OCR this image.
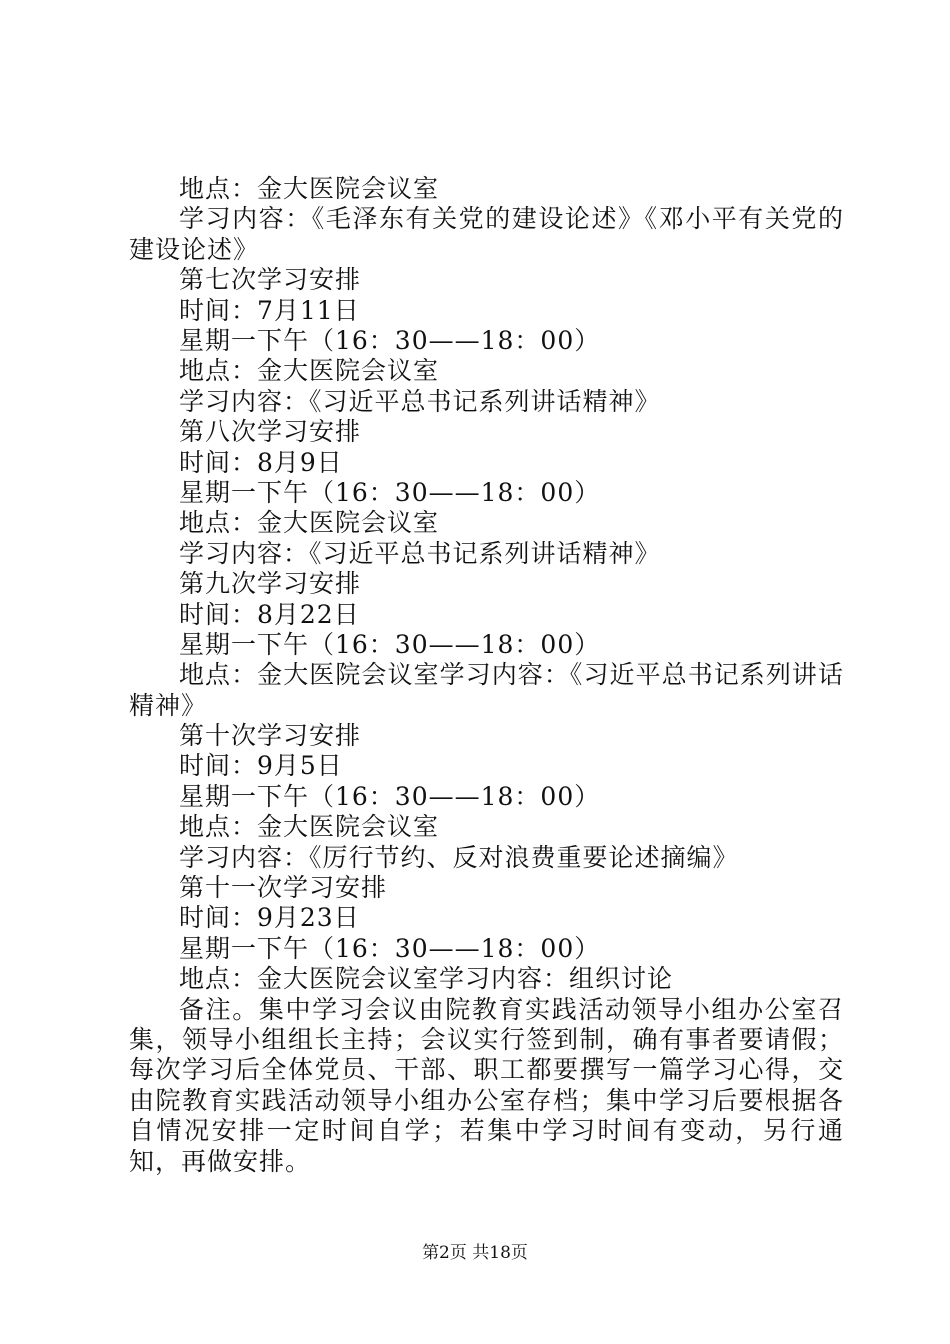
地点：金大医院会议室
学习内容：《毛泽东有关党的建设论述》《邓小平有关党的建设论述》
第七次学习安排
时间：7月11日
星期一下午（16：30——18：00）
地点：金大医院会议室
学习内容：《习近平总书记系列讲话精神》
第八次学习安排
时间：8月9日
星期一下午（16：30——18：00）
地点：金大医院会议室
学习内容：《习近平总书记系列讲话精神》
第九次学习安排
时间：8月22日
星期一下午（16：30——18：00）
地点：金大医院会议室学习内容：《习近平总书记系列讲话精神》
第十次学习安排
时间：9月5日
星期一下午（16：30——18：00）
地点：金大医院会议室
学习内容：《厉行节约、反对浪费重要论述摘编》
第十一次学习安排
时间：9月23日
星期一下午（16：30——18：00）
地点：金大医院会议室学习内容：组织讨论
备注。集中学习会议由院教育实践活动领导小组办公室召集，领导小组组长主持；会议实行签到制，确有事者要请假；每次学习后全体党员、干部、职工都要撰写一篇学习心得，交由院教育实践活动领导小组办公室存档；集中学习后要根据各自情况安排一定时间自学；若集中学习时间有变动，另行通知，再做安排。
第2页 共18页
